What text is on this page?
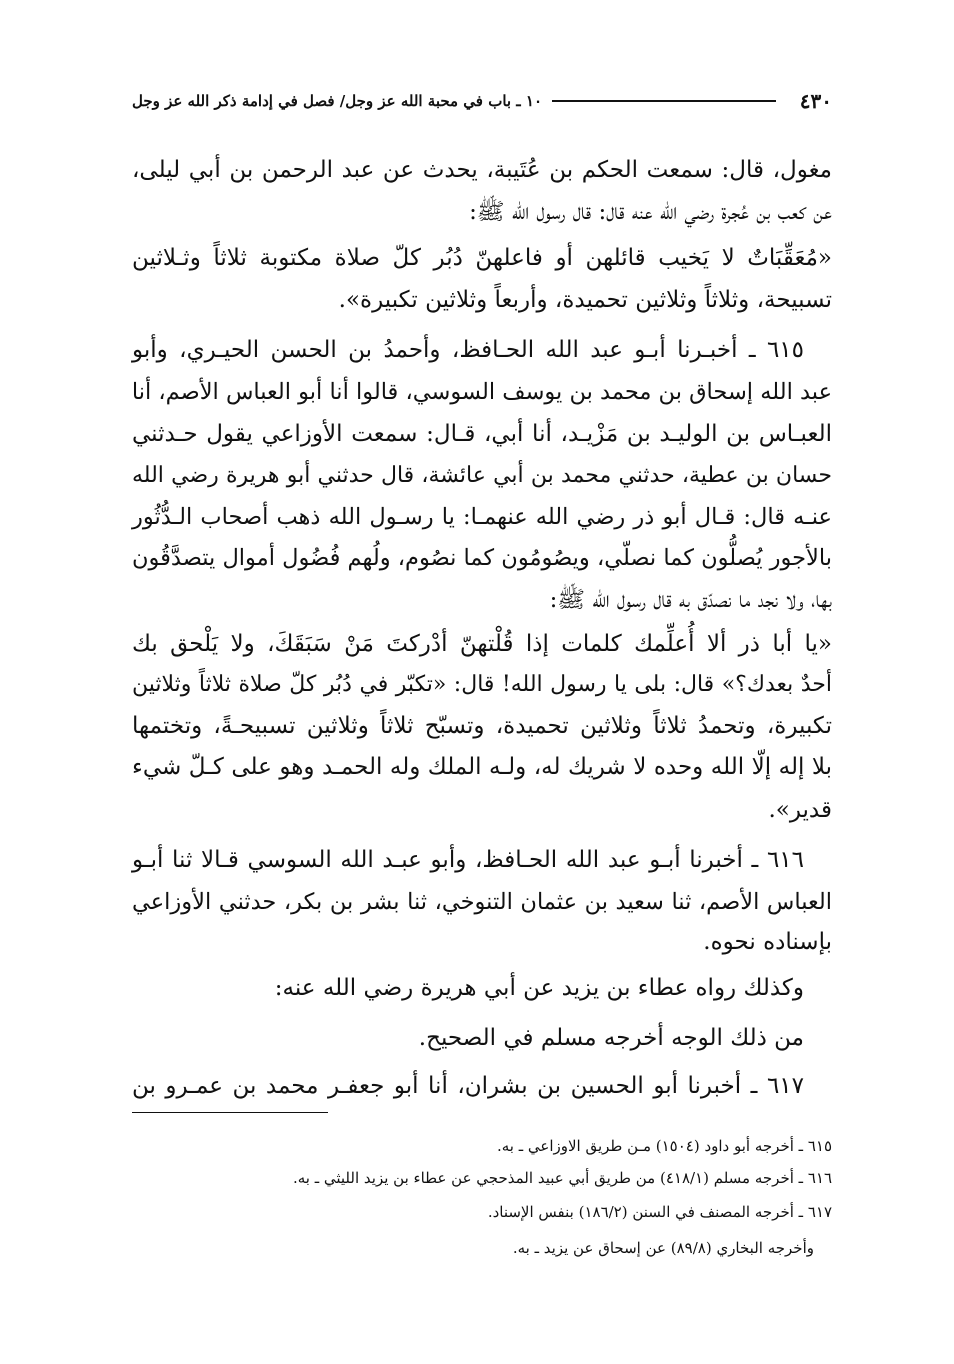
٤٣٠
١٠ ـ باب في محبة الله عز وجل/ فصل في إدامة ذكر الله عز وجل
مغول، قال: سمعت الحكم بن عُتَيبة، يحدث عن عبد الرحمن بن أبي ليلى،
عن كعب بن عُجرة رضي الله عنه قال: قال رسول الله ﷺ:
«مُعَقِّبَاتٌ لا يَخيب قائلهن أو فاعلهنّ دُبُر كلّ صلاة مكتوبة ثلاثاً وثـلاثين
تسبيحة، وثلاثاً وثلاثين تحميدة، وأربعاً وثلاثين تكبيرة».
٦١٥ ـ أخبـرنا أبـو عبد الله الحـافظ، وأحمدُ بن الحسن الحيـري، وأبو
عبد الله إسحاق بن محمد بن يوسف السوسي، قالوا أنا أبو العباس الأصم، أنا
العبـاس بن الوليـد بن مَزْيـد، أنا أبي، قـال: سمعت الأوزاعي يقول حـدثني
حسان بن عطية، حدثني محمد بن أبي عائشة، قال حدثني أبو هريرة رضي الله
عنـه قال: قـال أبو ذر رضي الله عنهمـا: يا رسـول الله ذهب أصحاب الـدُّثُور
بالأجور يُصلُّون كما نصلّي، ويصُومُون كما نصُوم، ولُهم فُضُول أموال يتصدَّقُون
بها، ولا نجد ما نصدّق به قال رسول الله ﷺ:
«يا أبا ذر ألا أُعلِّمك كلمات إذا قُلْتهنّ أدْركتَ مَنْ سَبَقَكَ، ولا يَلْحق بك
أحدٌ بعدك؟» قال: بلى يا رسول الله! قال: «تكبّر في دُبُر كلّ صلاة ثلاثاً وثلاثين
تكبيرة، وتحمدُ ثلاثاً وثلاثين تحميدة، وتسبّح ثلاثاً وثلاثين تسبيحـةً، وتختمها
بلا إله إلّا الله وحده لا شريك له، ولـه الملك وله الحمـد وهو على كـلّ شيء
قدير».
٦١٦ ـ أخبرنا أبـو عبد الله الحـافظ، وأبو عبـد الله السوسي قـالا ثنا أبـو
العباس الأصم، ثنا سعيد بن عثمان التنوخي، ثنا بشر بن بكر، حدثني الأوزاعي
بإسناده نحوه.
وكذلك رواه عطاء بن يزيد عن أبي هريرة رضي الله عنه:
من ذلك الوجه أخرجه مسلم في الصحيح.
٦١٧ ـ أخبرنا أبو الحسين بن بشران، أنا أبو جعفـر محمد بن عمـرو بن
٦١٥ ـ أخرجه أبو داود (١٥٠٤) مـن طريق الاوزاعي ـ به.
٦١٦ ـ أخرجه مسلم (٤١٨/١) من طريق أبي عبيد المذحجي عن عطاء بن يزيد الليثي ـ به.
٦١٧ ـ أخرجه المصنف في السنن (١٨٦/٢) بنفس الإسناد.
وأخرجه البخاري (٨٩/٨) عن إسحاق عن يزيد ـ به.
